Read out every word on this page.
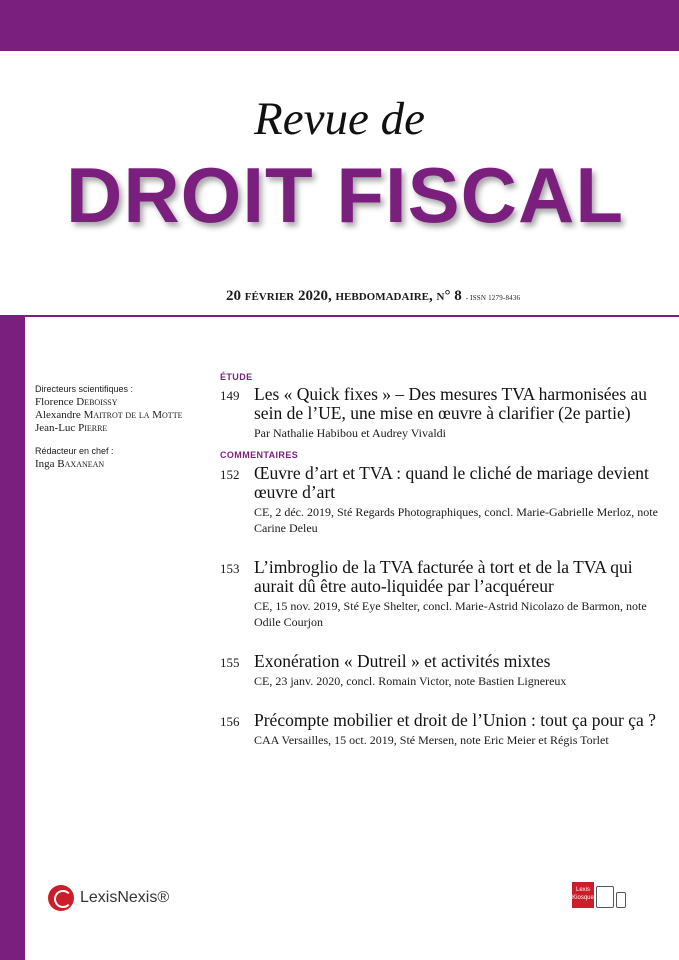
Revue de
DROIT FISCAL
20 février 2020, hebdomadaire, n° 8 - ISSN 1279-8436
Directeurs scientifiques :
Florence Deboissy
Alexandre Maitrot de la Motte
Jean-Luc Pierre
Rédacteur en chef :
Inga Baxanean
ÉTUDE
149 Les « Quick fixes » – Des mesures TVA harmonisées au sein de l’UE, une mise en œuvre à clarifier (2e partie)
Par Nathalie Habibou et Audrey Vivaldi
COMMENTAIRES
152 Œuvre d’art et TVA : quand le cliché de mariage devient œuvre d’art
CE, 2 déc. 2019, Sté Regards Photographiques, concl. Marie-Gabrielle Merloz, note Carine Deleu
153 L’imbroglio de la TVA facturée à tort et de la TVA qui aurait dû être auto-liquidée par l’acquéreur
CE, 15 nov. 2019, Sté Eye Shelter, concl. Marie-Astrid Nicolazo de Barmon, note Odile Courjon
155 Exonération « Dutreil » et activités mixtes
CE, 23 janv. 2020, concl. Romain Victor, note Bastien Lignereux
156 Précompte mobilier et droit de l’Union : tout ça pour ça ?
CAA Versailles, 15 oct. 2019, Sté Mersen, note Eric Meier et Régis Torlet
LexisNexis®	Lexis Kiosque
